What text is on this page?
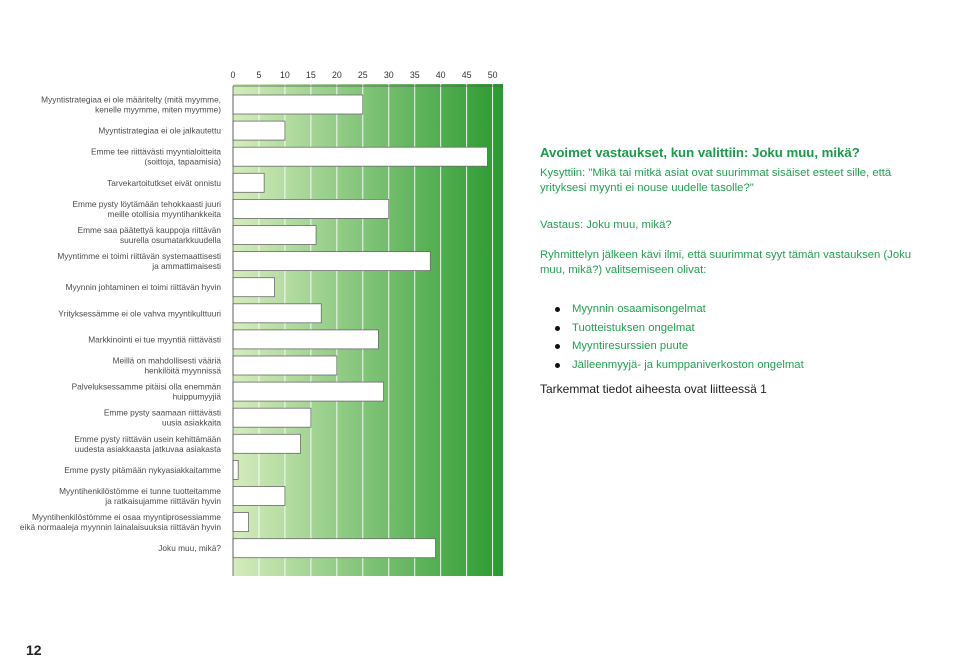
0 5 10 15 20 25 30 35 40 45 50
Myyntistrategiaa ei ole määritelty (mitä myymme, kenelle myymme, miten myymme)
Myyntistrategiaa ei ole jalkautettu
Emme tee riittävästi myyntialoitteita (soittoja, tapaamisia)
Tarvekartoitutkset eivät onnistu
Emme pysty löytämään tehokkaasti juuri meille otollisia myyntihankkeita
Emme saa päätettyä kauppoja riittävän suurella osumatarkkuudella
Myyntimme ei toimi riittävän systemaattisesti ja ammattimaisesti
Myynnin johtaminen ei toimi riittävän hyvin
Yrityksessämme ei ole vahva myyntikulttuuri
Markkinointi ei tue myyntiä riittävästi
Meillä on mahdollisesti vääriä henkilöitä myynnissä
Palveluksessamme pitäisi olla enemmän huippumyyjiä
Emme pysty saamaan riittävästi uusia asiakkaita
Emme pysty riittävän usein kehittämään uudesta asiakkaasta jatkuvaa asiakasta
Emme pysty pitämään nykyasiakkaitamme
Myyntihenkilöstömme ei tunne tuotteitamme ja ratkaisujamme riittävän hyvin
Myyntihenkilöstömme ei osaa myyntiprosessiamme eikä normaaleja myynnin lainalaisuuksia riittävän hyvin
Joku muu, mikä?

Avoimet vastaukset, kun valittiin: Joku muu, mikä?

Kysyttiin: "Mikä tai mitkä asiat ovat suurimmat sisäiset esteet sille, että yrityksesi myynti ei nouse uudelle tasolle?"

Vastaus: Joku muu, mikä?

Ryhmittelyn jälkeen kävi ilmi, että suurimmat syyt tämän vastauksen (Joku muu, mikä?) valitsemiseen olivat:

Myynnin osaamisongelmat
Tuotteistuksen ongelmat
Myyntiresurssien puute
Jälleenmyyjä- ja kumppaniverkoston ongelmat

Tarkemmat tiedot aiheesta ovat liitteessä 1

12
